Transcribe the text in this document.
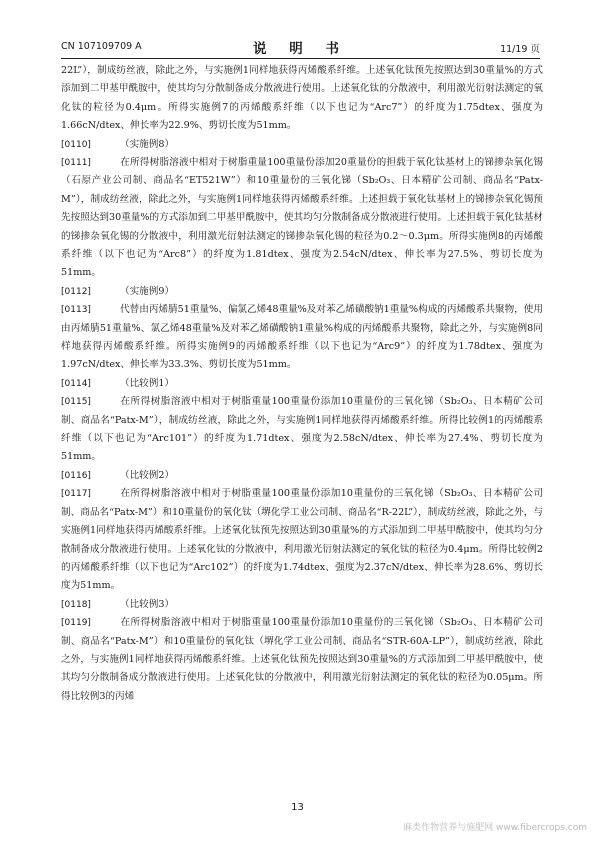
CN 107109709 A	说 明 书	11/19 页

22L”），制成纺丝液，除此之外，与实施例1同样地获得丙烯酸系纤维。上述氧化钛预先按照达到30重量%的方式添加到二甲基甲酰胺中，使其均匀分散制备成分散液进行使用。上述氧化钛的分散液中，利用激光衍射法测定的氧化钛的粒径为0.4μm。所得实施例7的丙烯酸系纤维（以下也记为“Arc7”）的纤度为1.75dtex、强度为1.66cN/dtex、伸长率为22.9%、剪切长度为51mm。

[0110]	（实施例8）

[0111]	在所得树脂溶液中相对于树脂重量100重量份添加20重量份的担载于氧化钛基材上的锑掺杂氧化锡（石原产业公司制、商品名“ET521W”）和10重量份的三氧化锑（Sb₂O₃、日本精矿公司制、商品名“Patx-M”），制成纺丝液，除此之外，与实施例1同样地获得丙烯酸系纤维。上述担载于氧化钛基材上的锑掺杂氧化锡预先按照达到30重量%的方式添加到二甲基甲酰胺中，使其均匀分散制备成分散液进行使用。上述担载于氧化钛基材的锑掺杂氧化锡的分散液中，利用激光衍射法测定的锑掺杂氧化锡的粒径为0.2～0.3μm。所得实施例8的丙烯酸系纤维（以下也记为“Arc8”）的纤度为1.81dtex、强度为2.54cN/dtex、伸长率为27.5%、剪切长度为51mm。

[0112]	（实施例9）

[0113]	代替由丙烯腈51重量%、偏氯乙烯48重量%及对苯乙烯磺酸钠1重量%构成的丙烯酸系共聚物，使用由丙烯腈51重量%、氯乙烯48重量%及对苯乙烯磺酸钠1重量%构成的丙烯酸系共聚物，除此之外，与实施例8同样地获得丙烯酸系纤维。所得实施例9的丙烯酸系纤维（以下也记为“Arc9”）的纤度为1.78dtex、强度为1.97cN/dtex、伸长率为33.3%、剪切长度为51mm。

[0114]	（比较例1）

[0115]	在所得树脂溶液中相对于树脂重量100重量份添加10重量份的三氧化锑（Sb₂O₃、日本精矿公司制、商品名“Patx-M”），制成纺丝液，除此之外，与实施例1同样地获得丙烯酸系纤维。所得比较例1的丙烯酸系纤维（以下也记为“Arc101”）的纤度为1.71dtex、强度为2.58cN/dtex、伸长率为27.4%、剪切长度为51mm。

[0116]	（比较例2）

[0117]	在所得树脂溶液中相对于树脂重量100重量份添加10重量份的三氧化锑（Sb₂O₃、日本精矿公司制、商品名“Patx-M”）和10重量份的氧化钛（堺化学工业公司制、商品名“R-22L”），制成纺丝液，除此之外，与实施例1同样地获得丙烯酸系纤维。上述氧化钛预先按照达到30重量%的方式添加到二甲基甲酰胺中，使其均匀分散制备成分散液进行使用。上述氧化钛的分散液中，利用激光衍射法测定的氧化钛的粒径为0.4μm。所得比较例2的丙烯酸系纤维（以下也记为“Arc102”）的纤度为1.74dtex、强度为2.37cN/dtex、伸长率为28.6%、剪切长度为51mm。

[0118]	（比较例3）

[0119]	在所得树脂溶液中相对于树脂重量100重量份添加10重量份的三氧化锑（Sb₂O₃、日本精矿公司制、商品名“Patx-M”）和10重量份的氧化钛（堺化学工业公司制、商品名“STR-60A-LP”），制成纺丝液，除此之外，与实施例1同样地获得丙烯酸系纤维。上述氧化钛预先按照达到30重量%的方式添加到二甲基甲酰胺中，使其均匀分散制备成分散液进行使用。上述氧化钛的分散液中，利用激光衍射法测定的氧化钛的粒径为0.05μm。所得比较例3的丙烯

13
麻类作物营养与施肥网 www.fibercrops.com
